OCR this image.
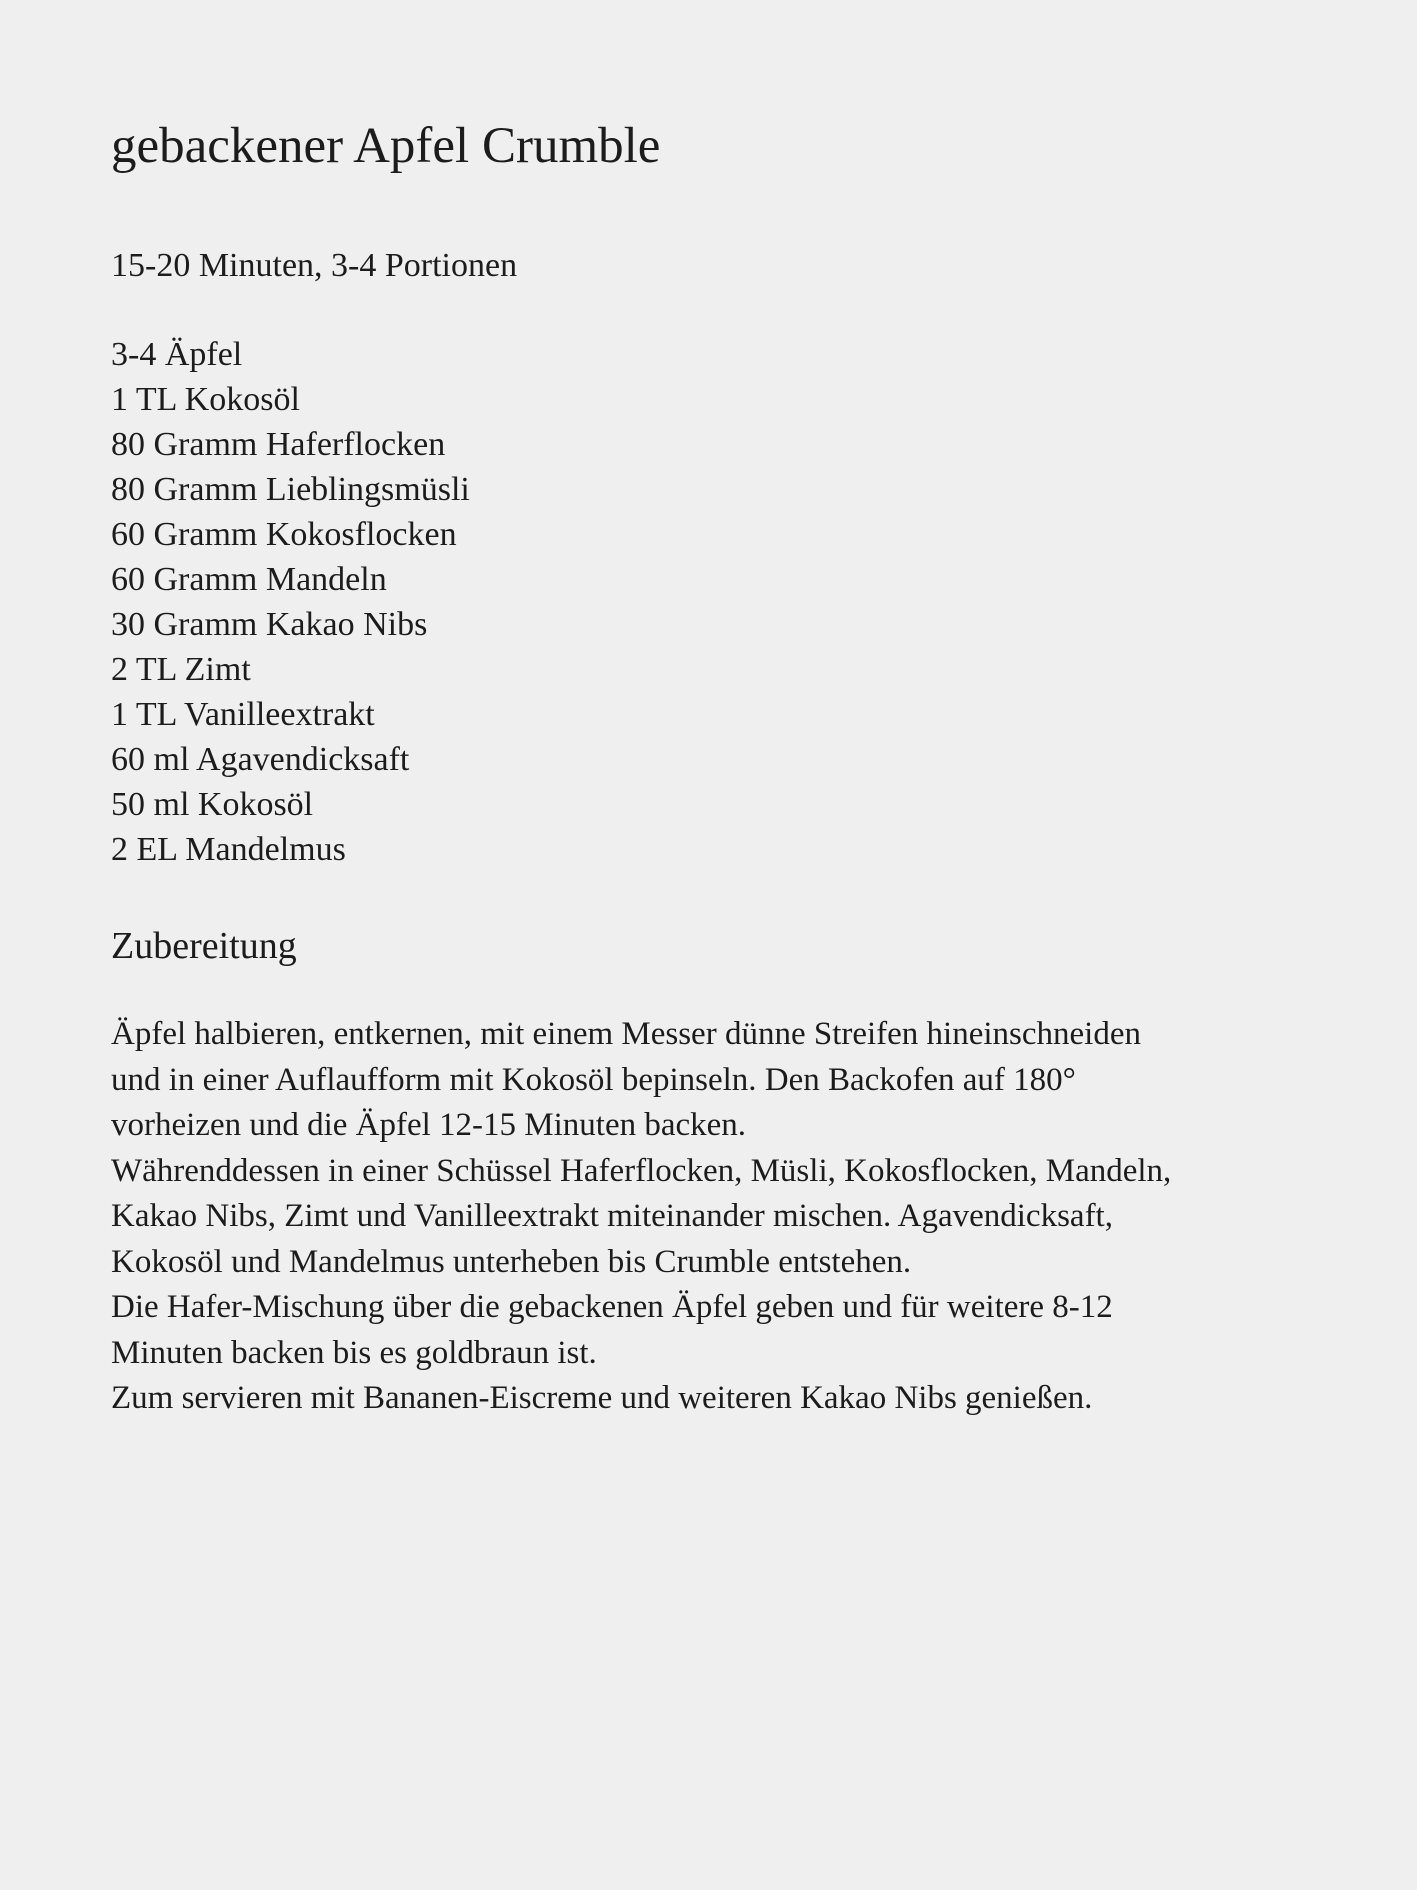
gebackener Apfel Crumble

15-20 Minuten, 3-4 Portionen

3-4 Äpfel
1 TL Kokosöl
80 Gramm Haferflocken
80 Gramm Lieblingsmüsli
60 Gramm Kokosflocken
60 Gramm Mandeln
30 Gramm Kakao Nibs
2 TL Zimt
1 TL Vanilleextrakt
60 ml Agavendicksaft
50 ml Kokosöl
2 EL Mandelmus
Zubereitung
Äpfel halbieren, entkernen, mit einem Messer dünne Streifen hineinschneiden
und in einer Auflaufform mit Kokosöl bepinseln. Den Backofen auf 180°
vorheizen und die Äpfel 12-15 Minuten backen.
Währenddessen in einer Schüssel Haferflocken, Müsli, Kokosflocken, Mandeln,
Kakao Nibs, Zimt und Vanilleextrakt miteinander mischen. Agavendicksaft,
Kokosöl und Mandelmus unterheben bis Crumble entstehen.
Die Hafer-Mischung über die gebackenen Äpfel geben und für weitere 8-12
Minuten backen bis es goldbraun ist.
Zum servieren mit Bananen-Eiscreme und weiteren Kakao Nibs genießen.
